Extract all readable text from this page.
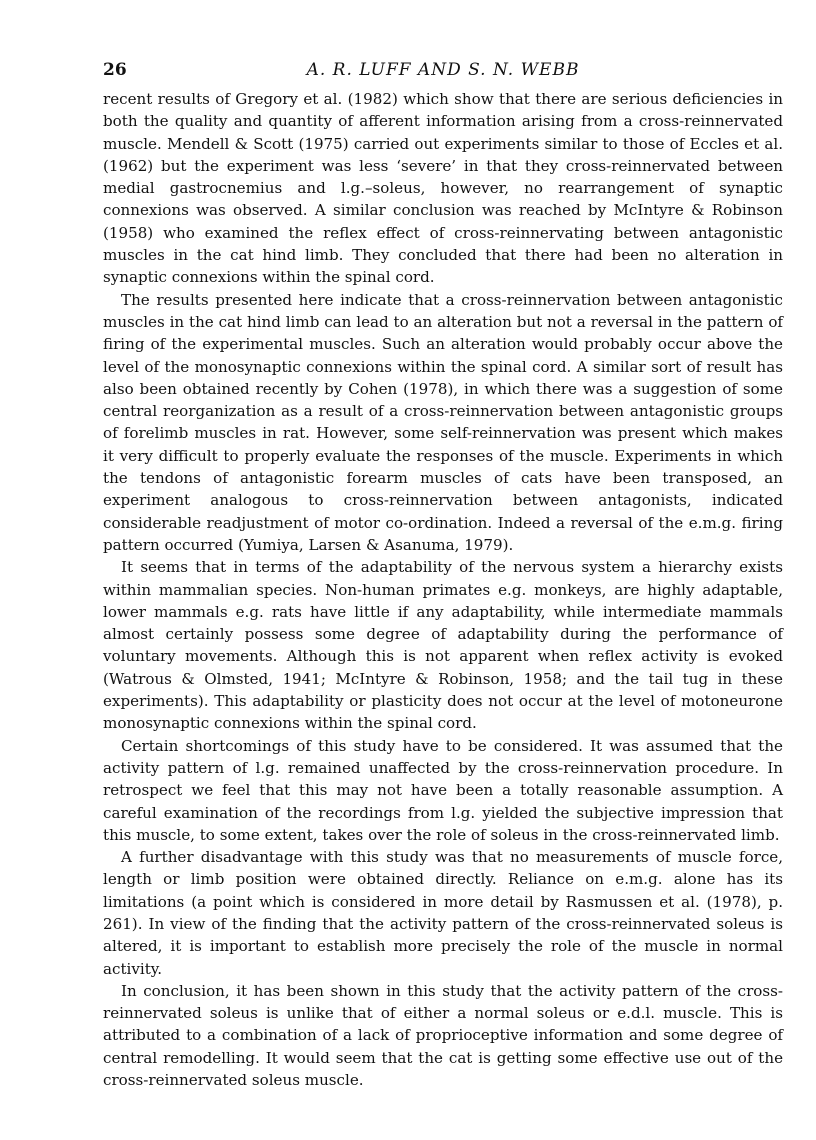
26	A. R. LUFF AND S. N. WEBB

recent results of Gregory et al. (1982) which show that there are serious deficiencies in both the quality and quantity of afferent information arising from a cross-reinnervated muscle. Mendell & Scott (1975) carried out experiments similar to those of Eccles et al. (1962) but the experiment was less ‘severe’ in that they cross-reinnervated between medial gastrocnemius and l.g.–soleus, however, no rearrangement of synaptic connexions was observed. A similar conclusion was reached by McIntyre & Robinson (1958) who examined the reflex effect of cross-reinnervating between antagonistic muscles in the cat hind limb. They concluded that there had been no alteration in synaptic connexions within the spinal cord.

The results presented here indicate that a cross-reinnervation between antagonistic muscles in the cat hind limb can lead to an alteration but not a reversal in the pattern of firing of the experimental muscles. Such an alteration would probably occur above the level of the monosynaptic connexions within the spinal cord. A similar sort of result has also been obtained recently by Cohen (1978), in which there was a suggestion of some central reorganization as a result of a cross-reinnervation between antagonistic groups of forelimb muscles in rat. However, some self-reinnervation was present which makes it very difficult to properly evaluate the responses of the muscle. Experiments in which the tendons of antagonistic forearm muscles of cats have been transposed, an experiment analogous to cross-reinnervation between antagonists, indicated considerable readjustment of motor co-ordination. Indeed a reversal of the e.m.g. firing pattern occurred (Yumiya, Larsen & Asanuma, 1979).

It seems that in terms of the adaptability of the nervous system a hierarchy exists within mammalian species. Non-human primates e.g. monkeys, are highly adaptable, lower mammals e.g. rats have little if any adaptability, while intermediate mammals almost certainly possess some degree of adaptability during the performance of voluntary movements. Although this is not apparent when reflex activity is evoked (Watrous & Olmsted, 1941; McIntyre & Robinson, 1958; and the tail tug in these experiments). This adaptability or plasticity does not occur at the level of motoneurone monosynaptic connexions within the spinal cord.

Certain shortcomings of this study have to be considered. It was assumed that the activity pattern of l.g. remained unaffected by the cross-reinnervation procedure. In retrospect we feel that this may not have been a totally reasonable assumption. A careful examination of the recordings from l.g. yielded the subjective impression that this muscle, to some extent, takes over the role of soleus in the cross-reinnervated limb.

A further disadvantage with this study was that no measurements of muscle force, length or limb position were obtained directly. Reliance on e.m.g. alone has its limitations (a point which is considered in more detail by Rasmussen et al. (1978), p. 261). In view of the finding that the activity pattern of the cross-reinnervated soleus is altered, it is important to establish more precisely the role of the muscle in normal activity.

In conclusion, it has been shown in this study that the activity pattern of the cross-reinnervated soleus is unlike that of either a normal soleus or e.d.l. muscle. This is attributed to a combination of a lack of proprioceptive information and some degree of central remodelling. It would seem that the cat is getting some effective use out of the cross-reinnervated soleus muscle.
